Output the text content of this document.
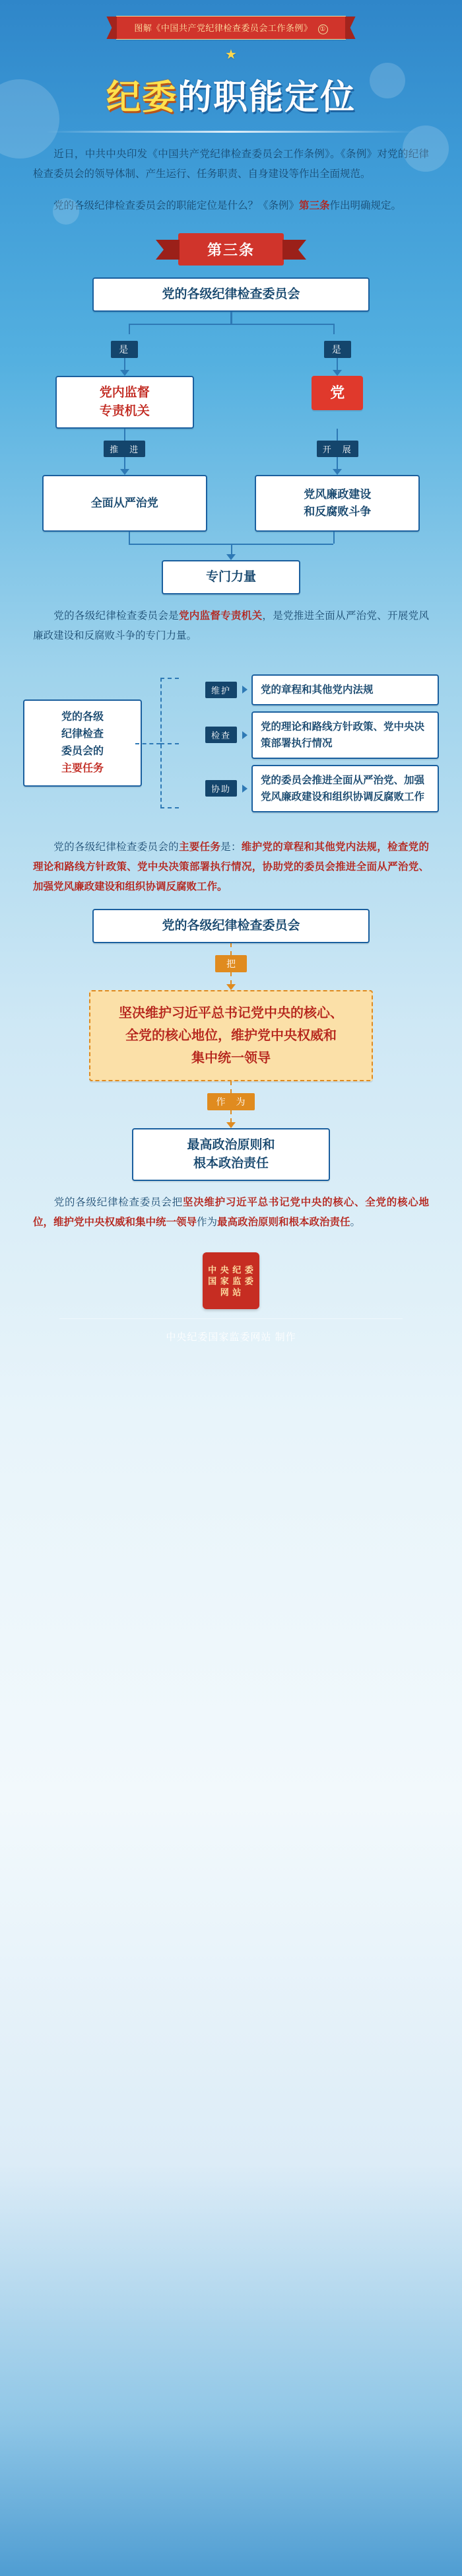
图解《中国共产党纪律检查委员会工作条例》 ①
★
纪委的职能定位
近日，中共中央印发《中国共产党纪律检查委员会工作条例》。《条例》对党的纪律检查委员会的领导体制、产生运行、任务职责、自身建设等作出全面规范。
党的各级纪律检查委员会的职能定位是什么？《条例》第三条作出明确规定。
第三条
党的各级纪律检查委员会
是	是
党内监督
专责机关
党
推　进	开　展
全面从严治党
党风廉政建设
和反腐败斗争
专门力量
党的各级纪律检查委员会是党内监督专责机关，是党推进全面从严治党、开展党风廉政建设和反腐败斗争的专门力量。
党的各级
纪律检查
委员会的
主要任务
维护	党的章程和其他党内法规
检查
党的理论和路线方针政策、党中央决策部署执行情况
协助
党的委员会推进全面从严治党、加强党风廉政建设和组织协调反腐败工作
党的各级纪律检查委员会的主要任务是：维护党的章程和其他党内法规，检查党的理论和路线方针政策、党中央决策部署执行情况，协助党的委员会推进全面从严治党、加强党风廉政建设和组织协调反腐败工作。
党的各级纪律检查委员会
把
坚决维护习近平总书记党中央的核心、
全党的核心地位，维护党中央权威和
集中统一领导
作　为
最高政治原则和
根本政治责任
党的各级纪律检查委员会把坚决维护习近平总书记党中央的核心、全党的核心地位，维护党中央权威和集中统一领导作为最高政治原则和根本政治责任。
中 央 纪 委
国 家 监 委
网 站
中央纪委国家监委网站 制作
